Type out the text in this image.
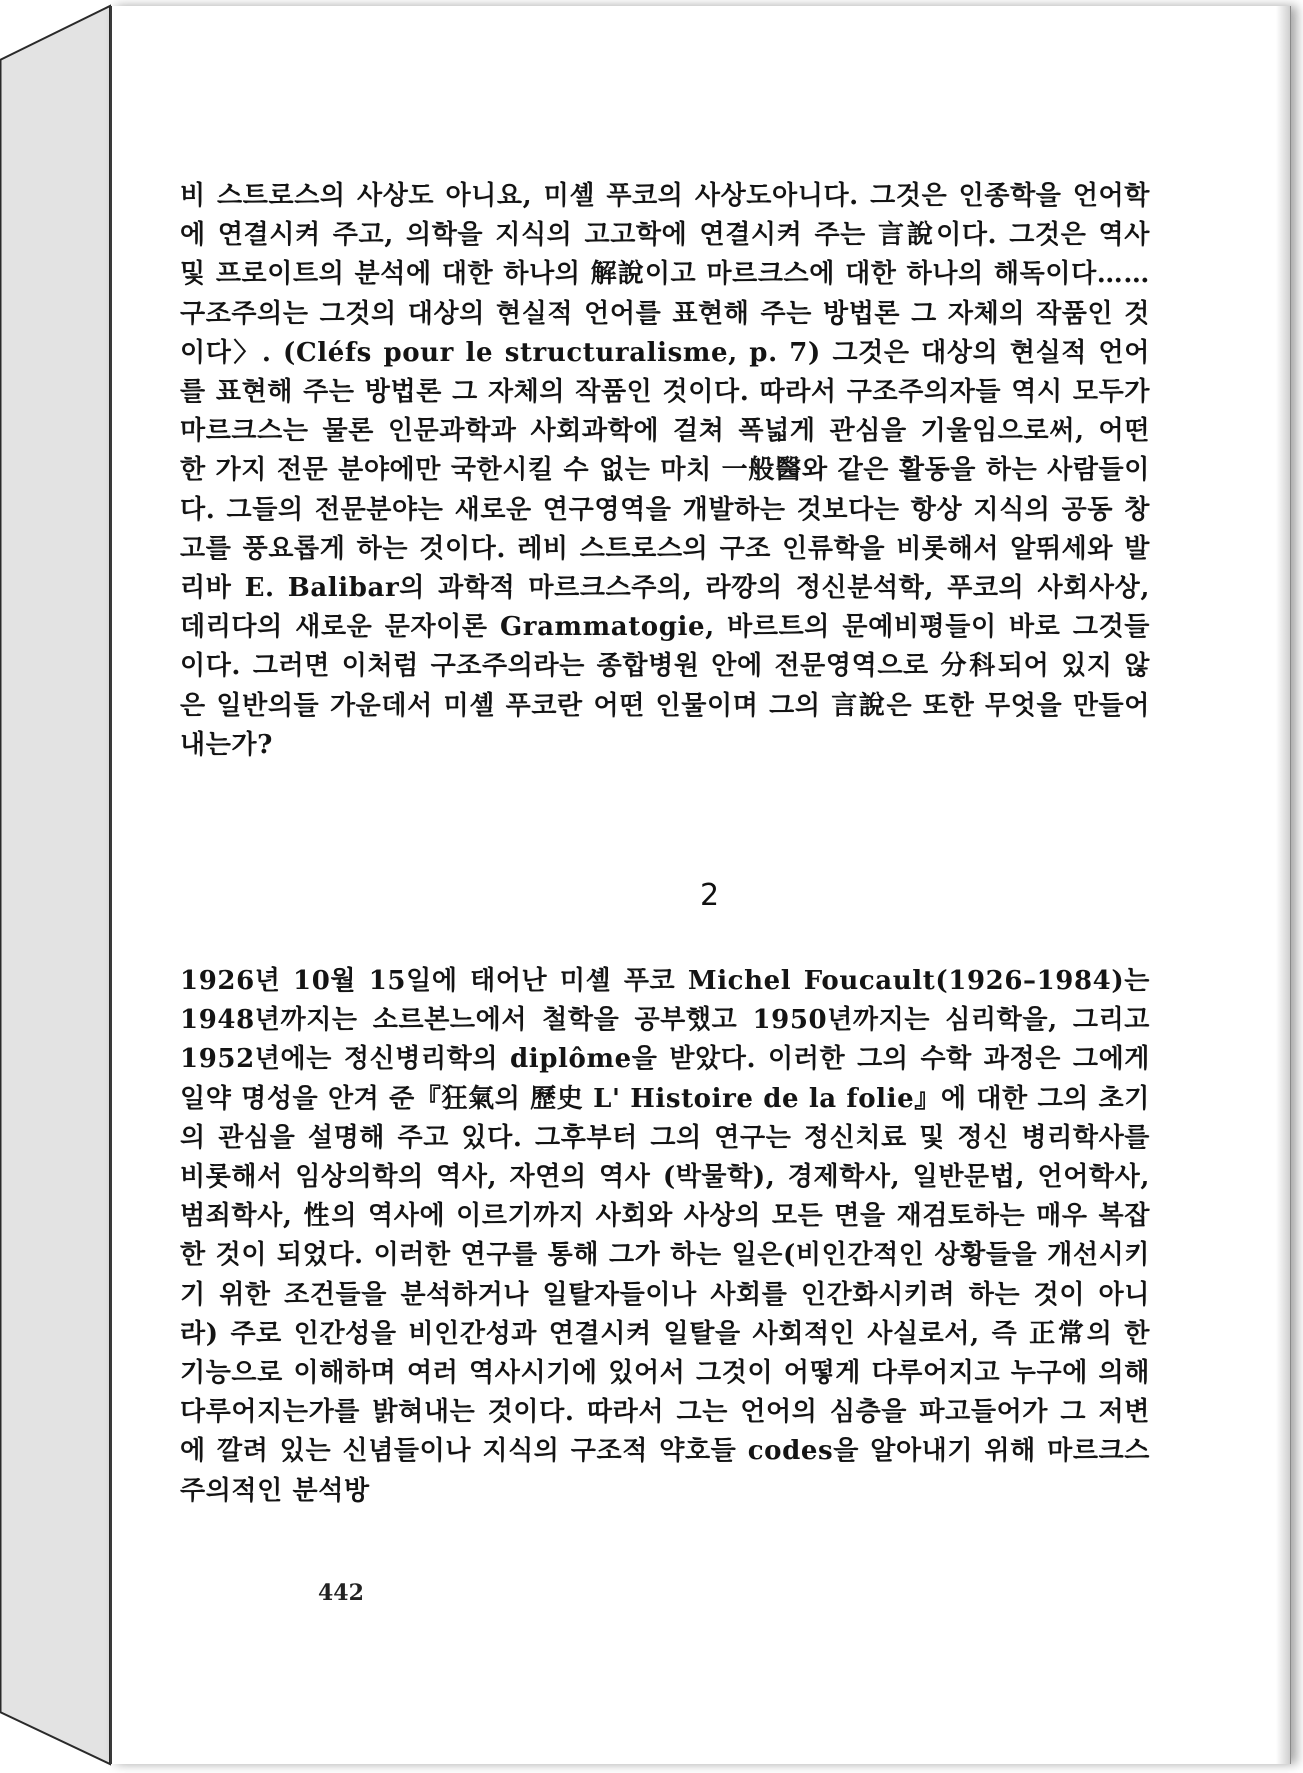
비 스트로스의 사상도 아니요, 미셸 푸코의 사상도아니다. 그것은 인종학을 언어학에 연결시켜 주고, 의학을 지식의 고고학에 연결시켜 주는 言說이다. 그것은 역사 및 프로이트의 분석에 대한 하나의 解說이고 마르크스에 대한 하나의 해독이다…… 구조주의는 그것의 대상의 현실적 언어를 표현해 주는 방법론 그 자체의 작품인 것이다〉. (Cléfs pour le structuralisme, p. 7) 그것은 대상의 현실적 언어를 표현해 주는 방법론 그 자체의 작품인 것이다. 따라서 구조주의자들 역시 모두가 마르크스는 물론 인문과학과 사회과학에 걸쳐 폭넓게 관심을 기울임으로써, 어떤 한 가지 전문 분야에만 국한시킬 수 없는 마치 一般醫와 같은 활동을 하는 사람들이다. 그들의 전문분야는 새로운 연구영역을 개발하는 것보다는 항상 지식의 공동 창고를 풍요롭게 하는 것이다. 레비 스트로스의 구조 인류학을 비롯해서 알뛰세와 발리바 E. Balibar의 과학적 마르크스주의, 라깡의 정신분석학, 푸코의 사회사상, 데리다의 새로운 문자이론 Grammatogie, 바르트의 문예비평들이 바로 그것들이다. 그러면 이처럼 구조주의라는 종합병원 안에 전문영역으로 分科되어 있지 않은 일반의들 가운데서 미셸 푸코란 어떤 인물이며 그의 言說은 또한 무엇을 만들어내는가?

2

1926년 10월 15일에 태어난 미셸 푸코 Michel Foucault(1926–1984)는 1948년까지는 소르본느에서 철학을 공부했고 1950년까지는 심리학을, 그리고 1952년에는 정신병리학의 diplôme을 받았다. 이러한 그의 수학 과정은 그에게 일약 명성을 안겨 준『狂氣의 歷史 L' Histoire de la folie』에 대한 그의 초기의 관심을 설명해 주고 있다. 그후부터 그의 연구는 정신치료 및 정신 병리학사를 비롯해서 임상의학의 역사, 자연의 역사 (박물학), 경제학사, 일반문법, 언어학사, 범죄학사, 性의 역사에 이르기까지 사회와 사상의 모든 면을 재검토하는 매우 복잡한 것이 되었다. 이러한 연구를 통해 그가 하는 일은(비인간적인 상황들을 개선시키기 위한 조건들을 분석하거나 일탈자들이나 사회를 인간화시키려 하는 것이 아니라) 주로 인간성을 비인간성과 연결시켜 일탈을 사회적인 사실로서, 즉 正常의 한 기능으로 이해하며 여러 역사시기에 있어서 그것이 어떻게 다루어지고 누구에 의해 다루어지는가를 밝혀내는 것이다. 따라서 그는 언어의 심층을 파고들어가 그 저변에 깔려 있는 신념들이나 지식의 구조적 약호들 codes을 알아내기 위해 마르크스주의적인 분석방

442
